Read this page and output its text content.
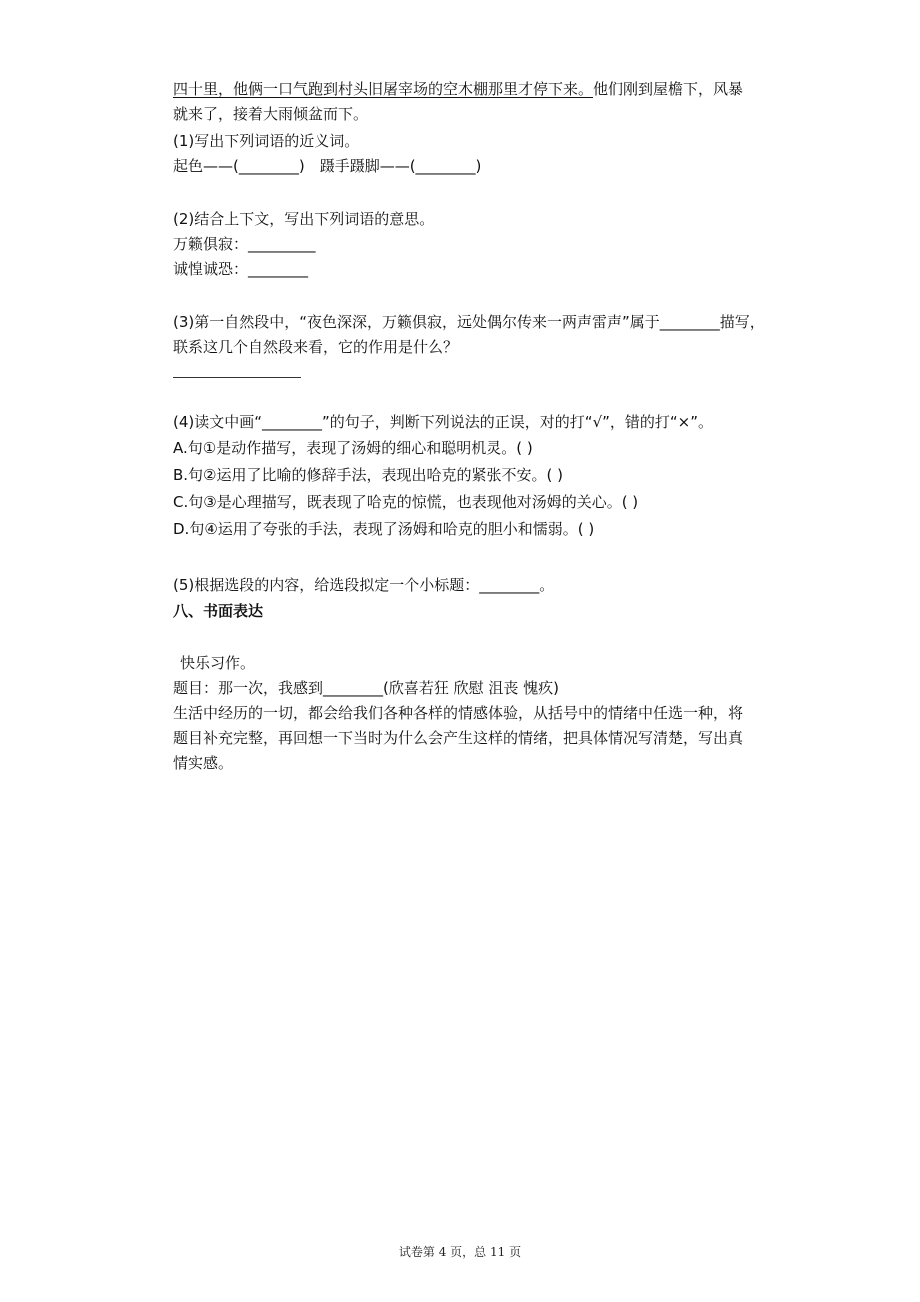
四十里，他俩一口气跑到村头旧屠宰场的空木棚那里才停下来。他们刚到屋檐下，风暴
就来了，接着大雨倾盆而下。
(1)写出下列词语的近义词。
起色——(________)　蹑手蹑脚——(________)
(2)结合上下文，写出下列词语的意思。
万籁俱寂：_________
诚惶诚恐：________
(3)第一自然段中，“夜色深深，万籁俱寂，远处偶尔传来一两声雷声”属于________描写，
联系这几个自然段来看，它的作用是什么？
(4)读文中画“________”的句子，判断下列说法的正误，对的打“√”，错的打“×”。
A.句①是动作描写，表现了汤姆的细心和聪明机灵。( )
B.句②运用了比喻的修辞手法，表现出哈克的紧张不安。( )
C.句③是心理描写，既表现了哈克的惊慌，也表现他对汤姆的关心。( )
D.句④运用了夸张的手法，表现了汤姆和哈克的胆小和懦弱。( )
(5)根据选段的内容，给选段拟定一个小标题：________。
八、书面表达
快乐习作。
题目：那一次，我感到________(欣喜若狂 欣慰 沮丧 愧疚)
生活中经历的一切，都会给我们各种各样的情感体验，从括号中的情绪中任选一种，将
题目补充完整，再回想一下当时为什么会产生这样的情绪，把具体情况写清楚，写出真
情实感。
试卷第 4 页，总 11 页
